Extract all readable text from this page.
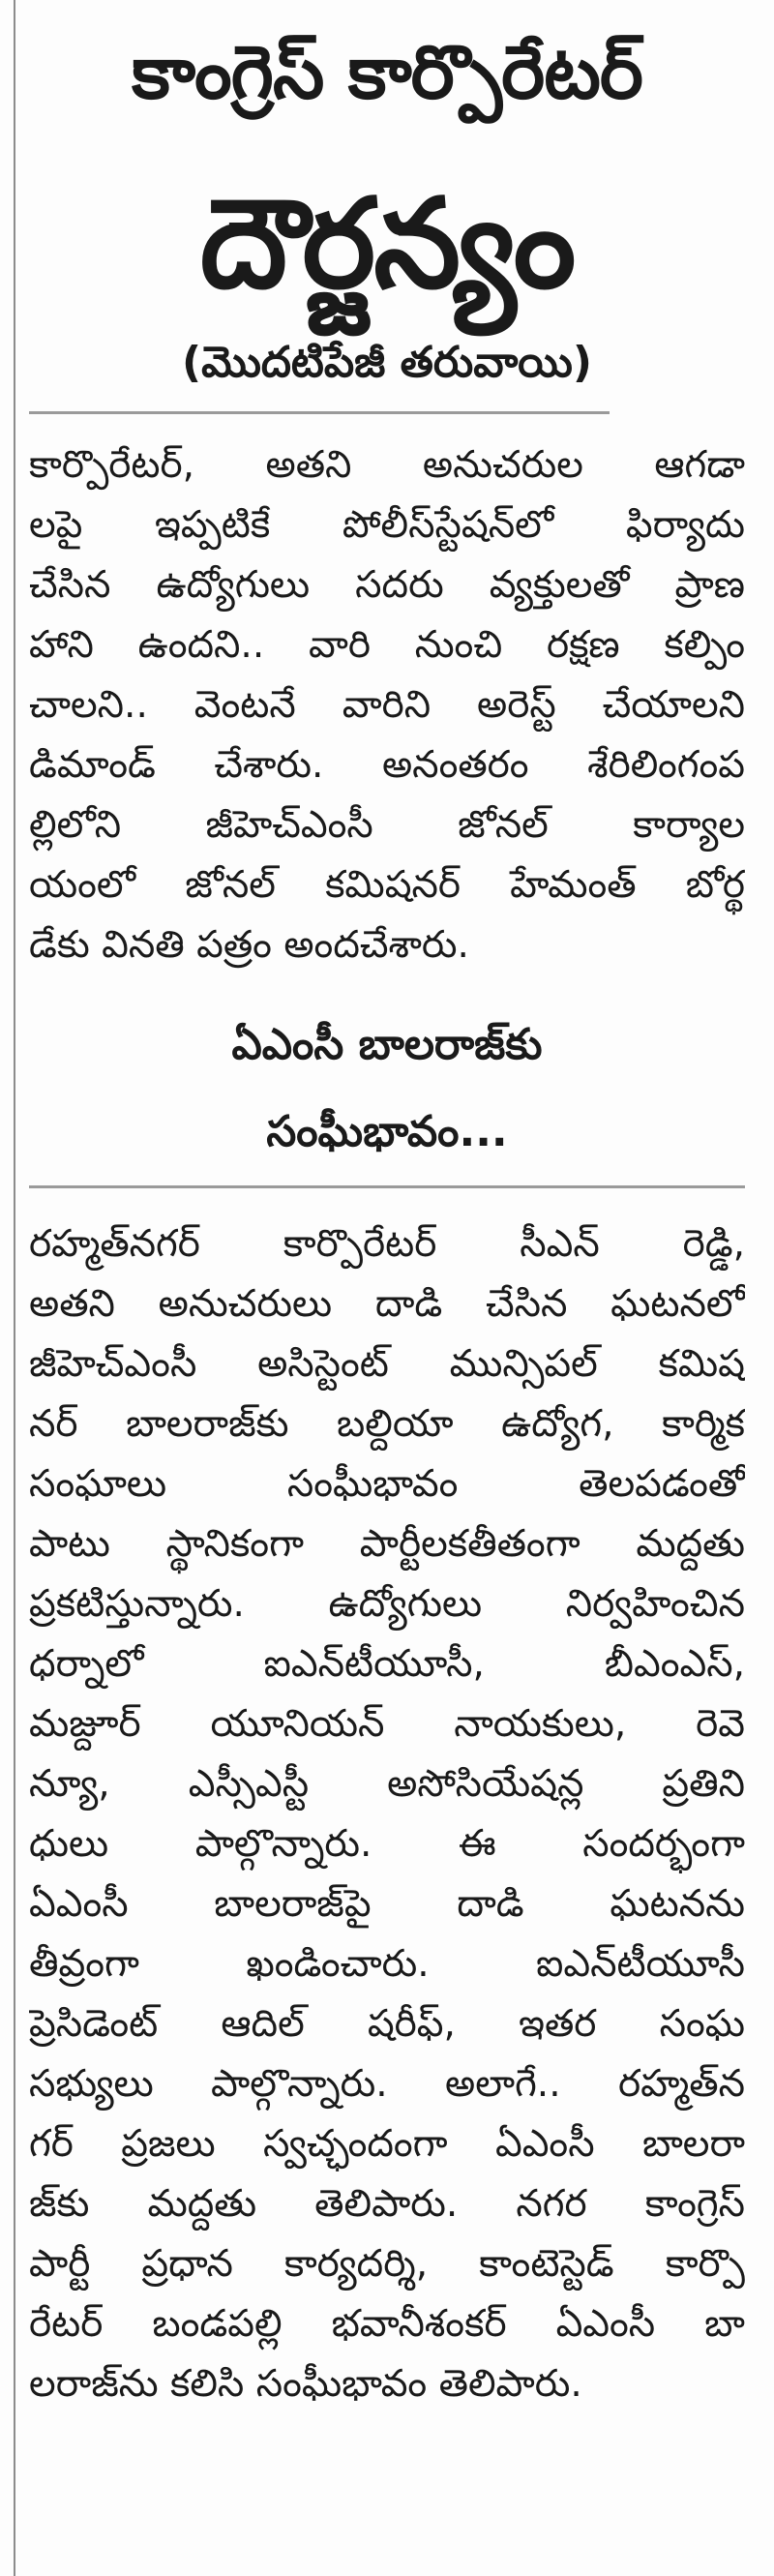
కాంగ్రెస్ కార్పొరేటర్
దౌర్జన్యం
(మొదటిపేజీ తరువాయి)
కార్పొరేటర్, అతని అనుచరుల ఆగడా
లపై ఇప్పటికే పోలీస్‌స్టేషన్‌లో ఫిర్యాదు
చేసిన ఉద్యోగులు సదరు వ్యక్తులతో ప్రాణ
హాని ఉందని.. వారి నుంచి రక్షణ కల్పిం
చాలని.. వెంటనే వారిని అరెస్ట్ చేయాలని
డిమాండ్ చేశారు. అనంతరం శేరిలింగంప
ల్లిలోని జీహెచ్‌ఎంసీ జోనల్ కార్యాల
యంలో జోనల్ కమిషనర్ హేమంత్ బోర్థ
డేకు వినతి పత్రం అందచేశారు.
ఏఎంసీ బాలరాజ్‌కు
సంఘీభావం...
రహ్మత్‌నగర్ కార్పొరేటర్ సీఎన్ రెడ్డి,
అతని అనుచరులు దాడి చేసిన ఘటనలో
జీహెచ్‌ఎంసీ అసిస్టెంట్ మున్సిపల్ కమిష
నర్ బాలరాజ్‌కు బల్దియా ఉద్యోగ, కార్మిక
సంఘాలు సంఘీభావం తెలపడంతో
పాటు స్థానికంగా పార్టీలకతీతంగా మద్దతు
ప్రకటిస్తున్నారు. ఉద్యోగులు నిర్వహించిన
ధర్నాలో ఐఎన్‌టీయూసీ, బీఎంఎస్,
మజ్దూర్ యూనియన్ నాయకులు, రెవె
న్యూ, ఎస్సీఎస్టీ అసోసియేషన్ల ప్రతిని
ధులు పాల్గొన్నారు. ఈ సందర్భంగా
ఏఎంసీ బాలరాజ్‌పై దాడి ఘటనను
తీవ్రంగా ఖండించారు. ఐఎన్‌టీయూసీ
ప్రెసిడెంట్ ఆదిల్ షరీఫ్, ఇతర సంఘ
సభ్యులు పాల్గొన్నారు. అలాగే.. రహ్మత్‌న
గర్ ప్రజలు స్వచ్ఛందంగా ఏఎంసీ బాలరా
జ్‌కు మద్దతు తెలిపారు. నగర కాంగ్రెస్
పార్టీ ప్రధాన కార్యదర్శి, కాంటెస్టెడ్ కార్పొ
రేటర్ బండపల్లి భవానీశంకర్ ఏఎంసీ బా
లరాజ్‌ను కలిసి సంఘీభావం తెలిపారు.
